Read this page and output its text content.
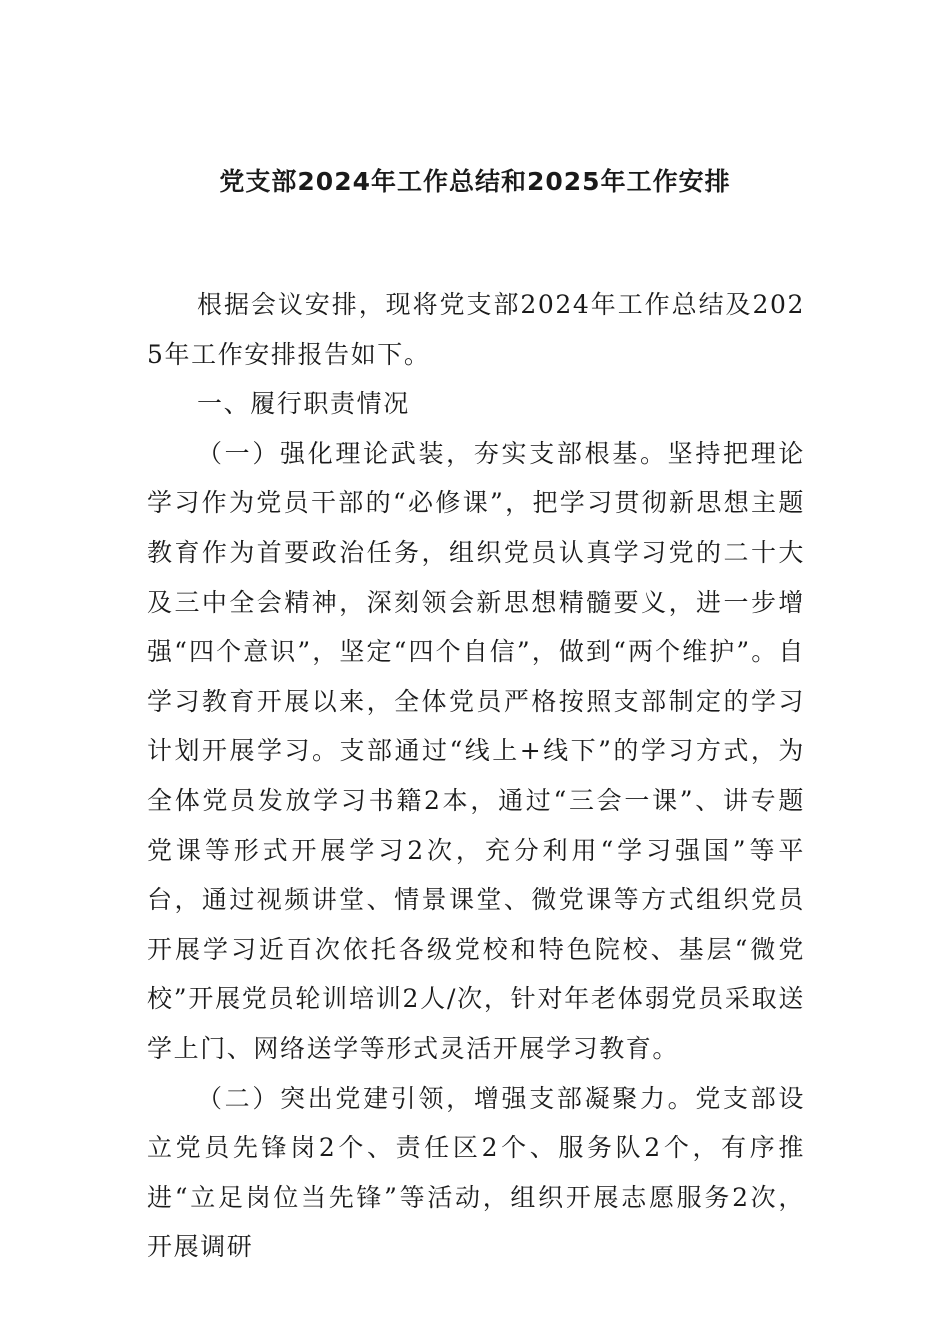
党支部2024年工作总结和2025年工作安排

根据会议安排，现将党支部2024年工作总结及2025年工作安排报告如下。

一、履行职责情况

（一）强化理论武装，夯实支部根基。坚持把理论学习作为党员干部的“必修课”，把学习贯彻新思想主题教育作为首要政治任务，组织党员认真学习党的二十大及三中全会精神，深刻领会新思想精髓要义，进一步增强“四个意识”，坚定“四个自信”，做到“两个维护”。自学习教育开展以来，全体党员严格按照支部制定的学习计划开展学习。支部通过“线上+线下”的学习方式，为全体党员发放学习书籍2本，通过“三会一课”、讲专题党课等形式开展学习2次，充分利用“学习强国”等平台，通过视频讲堂、情景课堂、微党课等方式组织党员开展学习近百次依托各级党校和特色院校、基层“微党校”开展党员轮训培训2人/次，针对年老体弱党员采取送学上门、网络送学等形式灵活开展学习教育。

（二）突出党建引领，增强支部凝聚力。党支部设立党员先锋岗2个、责任区2个、服务队2个，有序推进“立足岗位当先锋”等活动，组织开展志愿服务2次，开展调研
